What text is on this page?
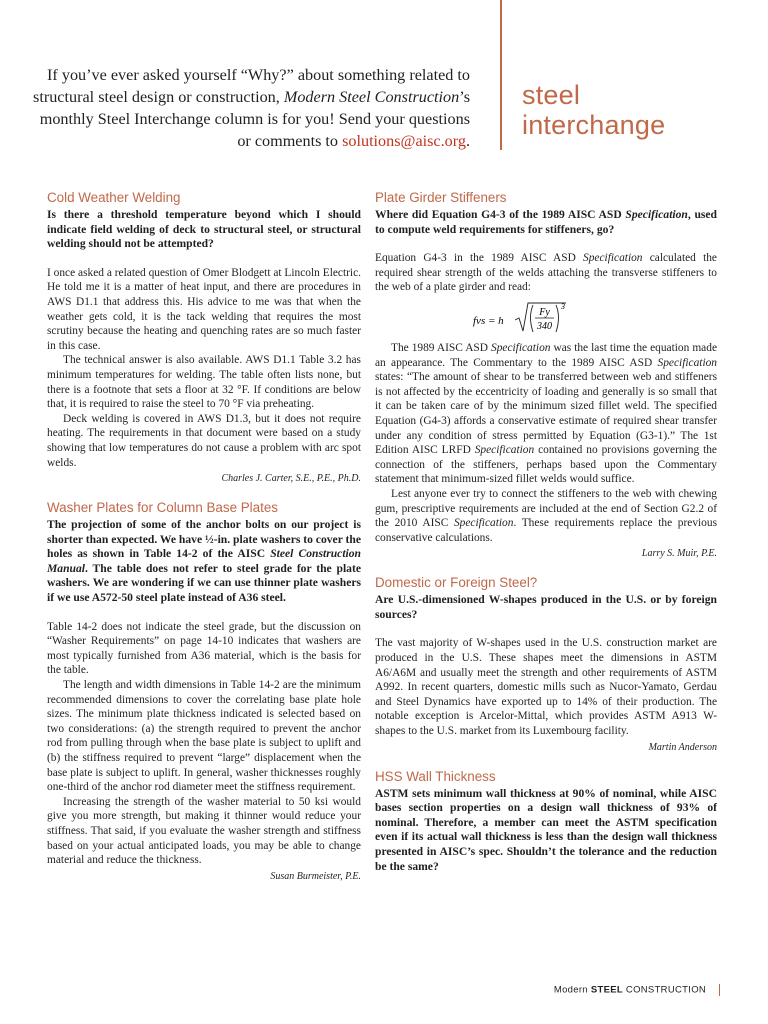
If you’ve ever asked yourself “Why?” about something related to structural steel design or construction, Modern Steel Construction’s monthly Steel Interchange column is for you! Send your questions or comments to solutions@aisc.org.
steel
interchange
Cold Weather Welding

Is there a threshold temperature beyond which I should indicate field welding of deck to structural steel, or structural welding should not be attempted?

I once asked a related question of Omer Blodgett at Lincoln Electric. He told me it is a matter of heat input, and there are procedures in AWS D1.1 that address this. His advice to me was that when the weather gets cold, it is the tack welding that requires the most scrutiny because the heating and quenching rates are so much faster in this case.

The technical answer is also available. AWS D1.1 Table 3.2 has minimum temperatures for welding. The table often lists none, but there is a footnote that sets a floor at 32 °F. If conditions are below that, it is required to raise the steel to 70 °F via preheating.

Deck welding is covered in AWS D1.3, but it does not require heating. The requirements in that document were based on a study showing that low temperatures do not cause a problem with arc spot welds.

Charles J. Carter, S.E., P.E., Ph.D.

Washer Plates for Column Base Plates

The projection of some of the anchor bolts on our project is shorter than expected. We have ½-in. plate washers to cover the holes as shown in Table 14-2 of the AISC Steel Construction Manual. The table does not refer to steel grade for the plate washers. We are wondering if we can use thinner plate washers if we use A572-50 steel plate instead of A36 steel.

Table 14-2 does not indicate the steel grade, but the discussion on “Washer Requirements” on page 14-10 indicates that washers are most typically furnished from A36 material, which is the basis for the table.

The length and width dimensions in Table 14-2 are the minimum recommended dimensions to cover the correlating base plate hole sizes. The minimum plate thickness indicated is selected based on two considerations: (a) the strength required to prevent the anchor rod from pulling through when the base plate is subject to uplift and (b) the stiffness required to prevent “large” displacement when the base plate is subject to uplift. In general, washer thicknesses roughly one-third of the anchor rod diameter meet the stiffness requirement.

Increasing the strength of the washer material to 50 ksi would give you more strength, but making it thinner would reduce your stiffness. That said, if you evaluate the washer strength and stiffness based on your actual anticipated loads, you may be able to change material and reduce the thickness.

Susan Burmeister, P.E.

Plate Girder Stiffeners

Where did Equation G4-3 of the 1989 AISC ASD Specification, used to compute weld requirements for stiffeners, go?

Equation G4-3 in the 1989 AISC ASD Specification calculated the required shear strength of the welds attaching the transverse stiffeners to the web of a plate girder and read:

fvs = h
Fy
340
3

The 1989 AISC ASD Specification was the last time the equation made an appearance. The Commentary to the 1989 AISC ASD Specification states: “The amount of shear to be transferred between web and stiffeners is not affected by the eccentricity of loading and generally is so small that it can be taken care of by the minimum sized fillet weld. The specified Equation (G4-3) affords a conservative estimate of required shear transfer under any condition of stress permitted by Equation (G3-1).” The 1st Edition AISC LRFD Specification contained no provisions governing the connection of the stiffeners, perhaps based upon the Commentary statement that minimum-sized fillet welds would suffice.

Lest anyone ever try to connect the stiffeners to the web with chewing gum, prescriptive requirements are included at the end of Section G2.2 of the 2010 AISC Specification. These requirements replace the previous conservative calculations.

Larry S. Muir, P.E.

Domestic or Foreign Steel?

Are U.S.-dimensioned W-shapes produced in the U.S. or by foreign sources?

The vast majority of W-shapes used in the U.S. construction market are produced in the U.S. These shapes meet the dimensions in ASTM A6/A6M and usually meet the strength and other requirements of ASTM A992. In recent quarters, domestic mills such as Nucor-Yamato, Gerdau and Steel Dynamics have exported up to 14% of their production. The notable exception is Arcelor-Mittal, which provides ASTM A913 W-shapes to the U.S. market from its Luxembourg facility.

Martin Anderson

HSS Wall Thickness

ASTM sets minimum wall thickness at 90% of nominal, while AISC bases section properties on a design wall thickness of 93% of nominal. Therefore, a member can meet the ASTM specification even if its actual wall thickness is less than the design wall thickness presented in AISC’s spec. Shouldn’t the tolerance and the reduction be the same?

Modern STEEL CONSTRUCTION
